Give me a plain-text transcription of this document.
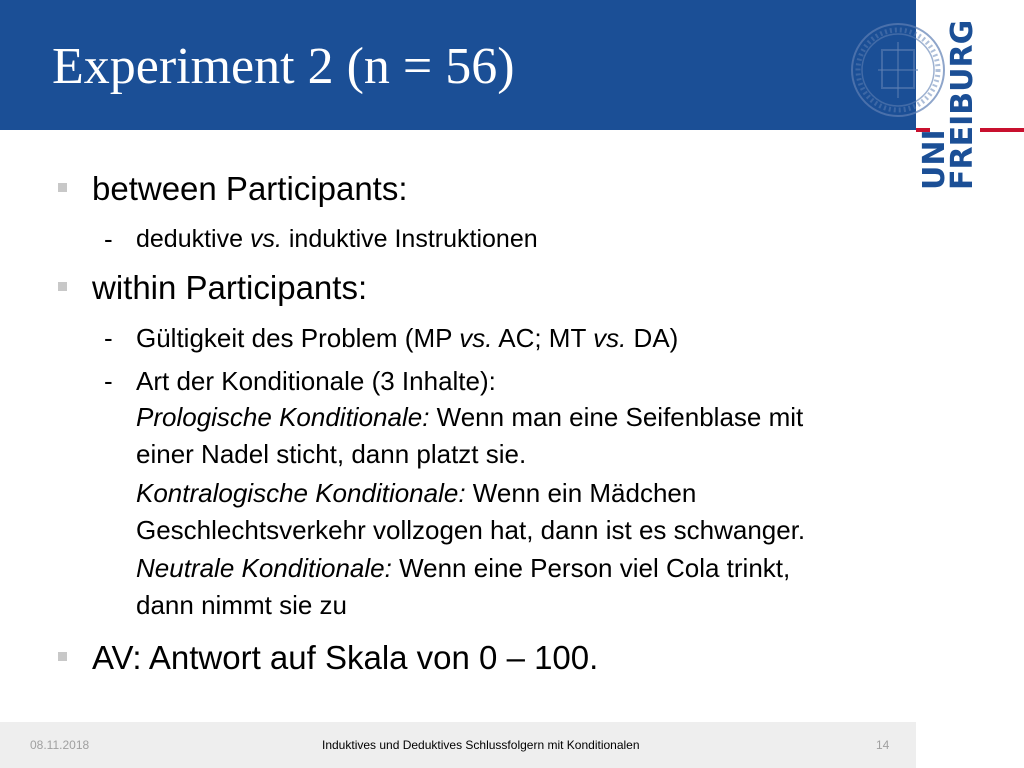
Experiment 2 (n = 56)	FREIBURG
UNI
between Participants:
- deduktive vs. induktive Instruktionen
within Participants:
- Gültigkeit des Problem (MP vs. AC; MT vs. DA)
- Art der Konditionale (3 Inhalte):
Prologische Konditionale: Wenn man eine Seifenblase mit
einer Nadel sticht, dann platzt sie.
Kontralogische Konditionale: Wenn ein Mädchen
Geschlechtsverkehr vollzogen hat, dann ist es schwanger.
Neutrale Konditionale: Wenn eine Person viel Cola trinkt,
dann nimmt sie zu
AV: Antwort auf Skala von 0 – 100.
08.11.2018	Induktives und Deduktives Schlussfolgern mit Konditionalen	14
